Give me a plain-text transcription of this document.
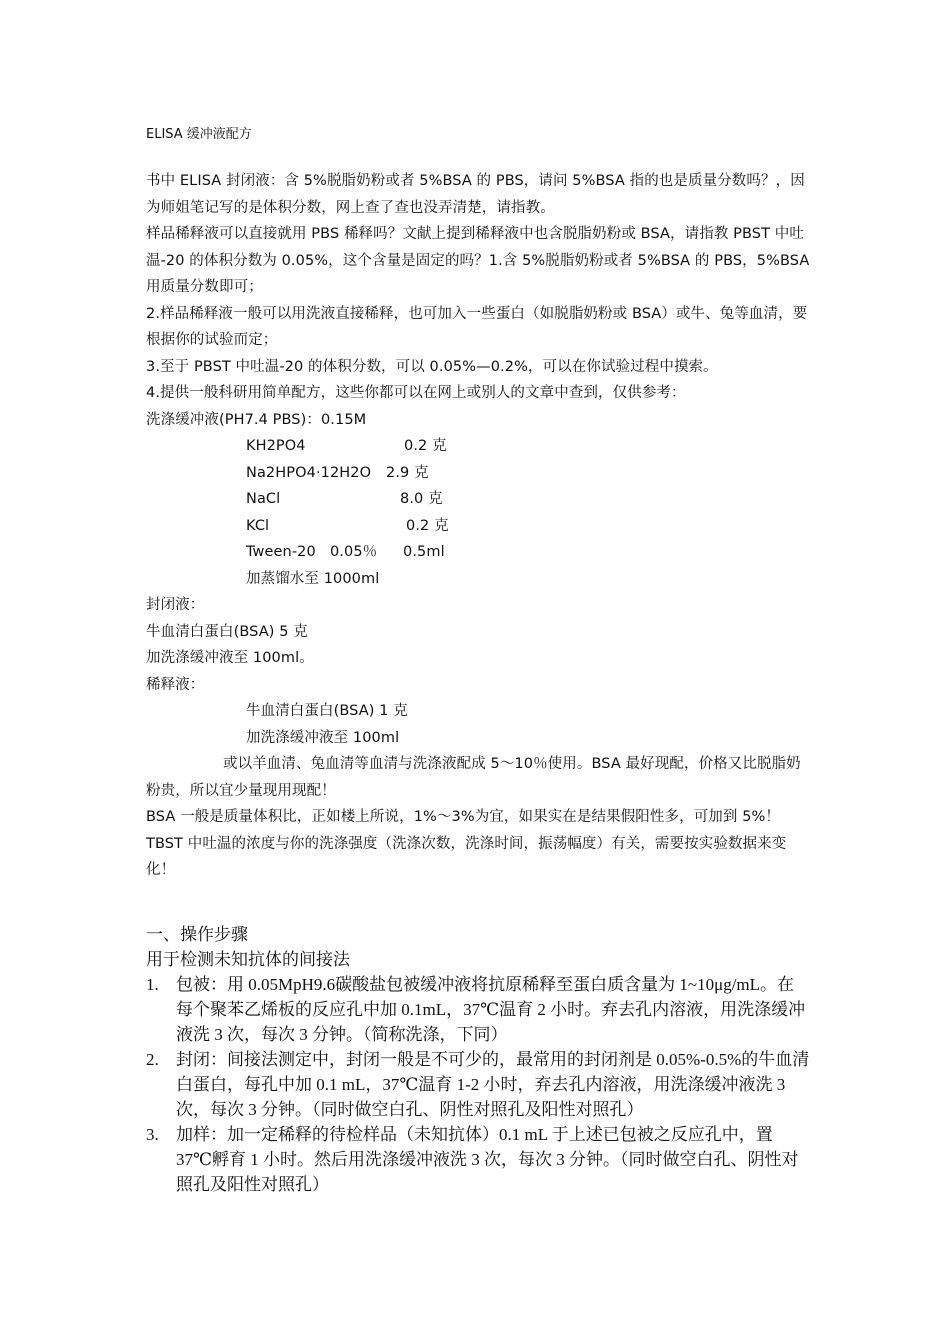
ELISA 缓冲液配方

书中 ELISA 封闭液：含 5%脱脂奶粉或者 5%BSA 的 PBS，请问 5%BSA 指的也是质量分数吗？，因为师姐笔记写的是体积分数，网上查了查也没弄清楚，请指教。

样品稀释液可以直接就用 PBS 稀释吗？文献上提到稀释液中也含脱脂奶粉或 BSA，请指教 PBST 中吐温-20 的体积分数为 0.05%，这个含量是固定的吗？1.含 5%脱脂奶粉或者 5%BSA 的 PBS，5%BSA 用质量分数即可；

2.样品稀释液一般可以用洗液直接稀释，也可加入一些蛋白（如脱脂奶粉或 BSA）或牛、兔等血清，要根据你的试验而定；

3.至于 PBST 中吐温-20 的体积分数，可以 0.05%—0.2%，可以在你试验过程中摸索。

4.提供一般科研用简单配方，这些你都可以在网上或别人的文章中查到，仅供参考：

洗涤缓冲液(PH7.4 PBS)：0.15M

KH2PO4	0.2 克
Na2HPO4·12H2O	2.9 克
NaCl	8.0 克
KCl	0.2 克
Tween-20   0.05％	0.5ml

加蒸馏水至 1000ml

封闭液：

牛血清白蛋白(BSA) 5 克

加洗涤缓冲液至 100ml。

稀释液：

牛血清白蛋白(BSA) 1 克

加洗涤缓冲液至 100ml

或以羊血清、兔血清等血清与洗涤液配成 5～10％使用。BSA 最好现配，价格又比脱脂奶粉贵，所以宜少量现用现配！

BSA 一般是质量体积比，正如楼上所说，1%～3%为宜，如果实在是结果假阳性多，可加到 5%！

TBST 中吐温的浓度与你的洗涤强度（洗涤次数，洗涤时间，振荡幅度）有关，需要按实验数据来变化！

一、操作步骤

用于检测未知抗体的间接法

1.	包被：用 0.05MpH9.6碳酸盐包被缓冲液将抗原稀释至蛋白质含量为 1~10μg/mL。在每个聚苯乙烯板的反应孔中加 0.1mL，37℃温育 2 小时。弃去孔内溶液，用洗涤缓冲液洗 3 次，每次 3 分钟。（简称洗涤，下同）
2.	封闭：间接法测定中，封闭一般是不可少的，最常用的封闭剂是 0.05%-0.5%的牛血清白蛋白，每孔中加 0.1 mL，37℃温育 1-2 小时，弃去孔内溶液，用洗涤缓冲液洗 3 次，每次 3 分钟。（同时做空白孔、阴性对照孔及阳性对照孔）
3.	加样：加一定稀释的待检样品（未知抗体）0.1 mL 于上述已包被之反应孔中，置 37℃孵育 1 小时。然后用洗涤缓冲液洗 3 次，每次 3 分钟。（同时做空白孔、阴性对照孔及阳性对照孔）
